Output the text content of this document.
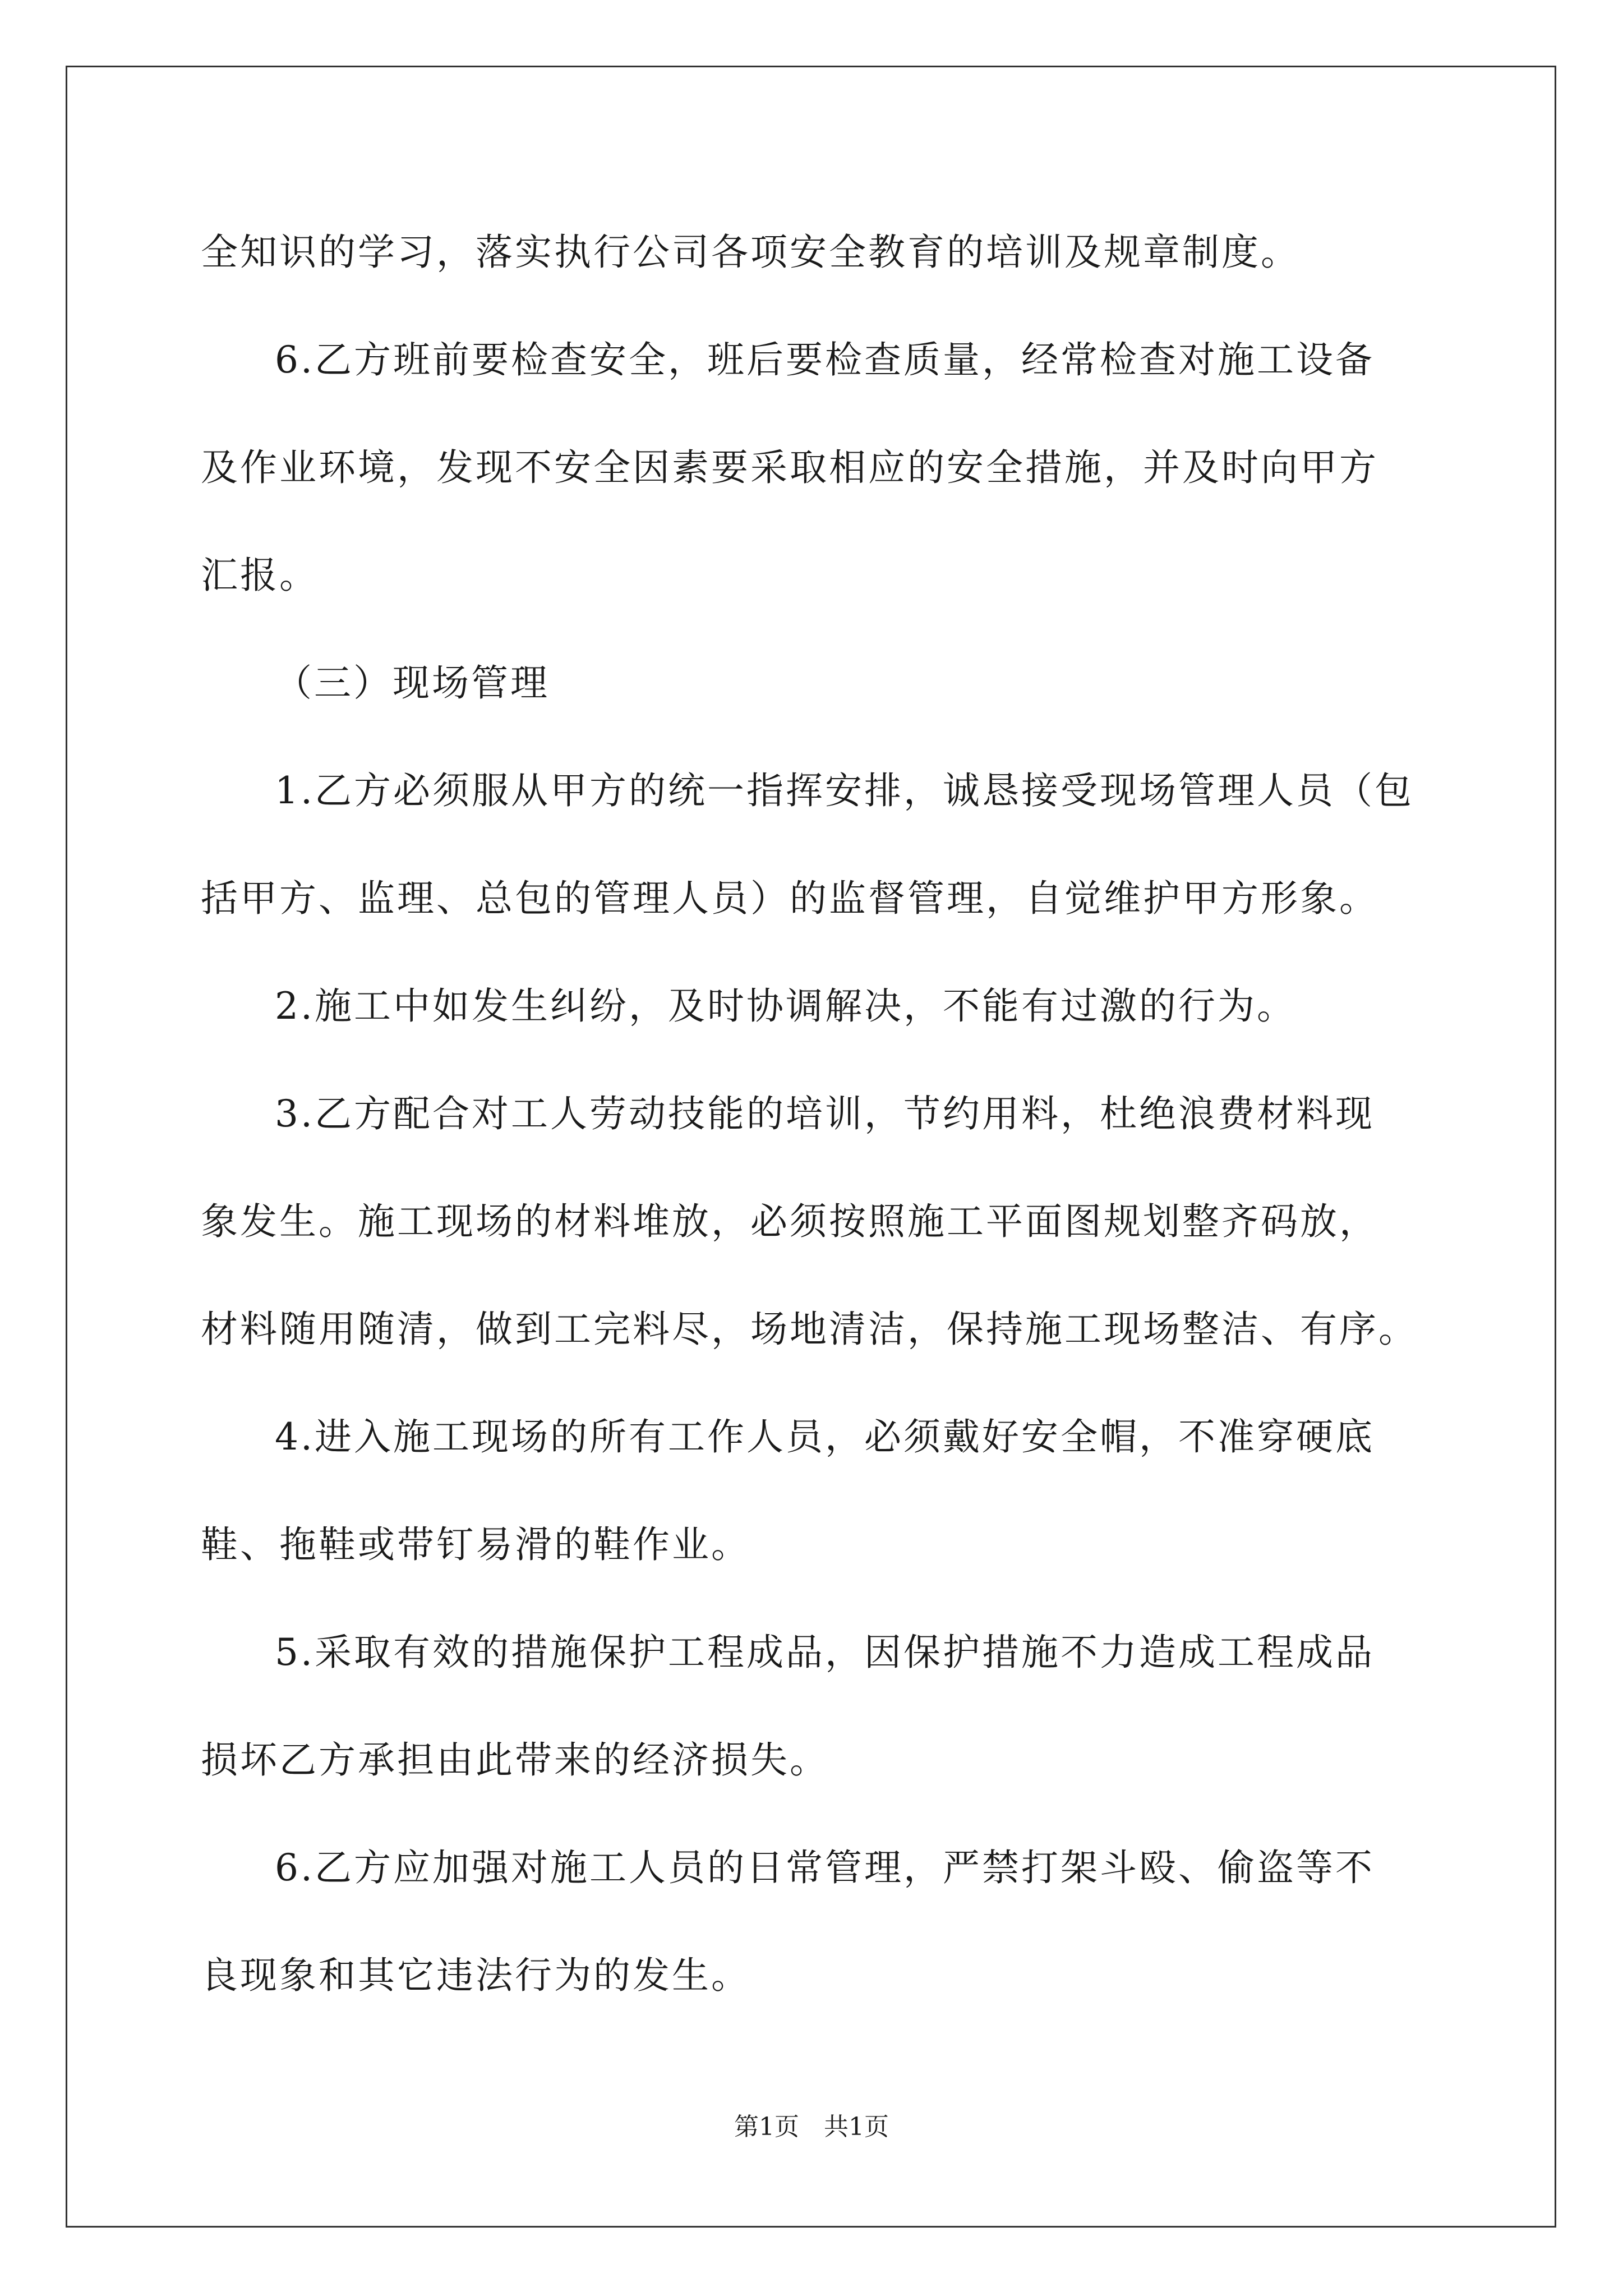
全知识的学习，落实执行公司各项安全教育的培训及规章制度。
6.乙方班前要检查安全，班后要检查质量，经常检查对施工设备
及作业环境，发现不安全因素要采取相应的安全措施，并及时向甲方
汇报。
（三）现场管理
1.乙方必须服从甲方的统一指挥安排，诚恳接受现场管理人员（包
括甲方、监理、总包的管理人员）的监督管理，自觉维护甲方形象。
2.施工中如发生纠纷，及时协调解决，不能有过激的行为。
3.乙方配合对工人劳动技能的培训，节约用料，杜绝浪费材料现
象发生。施工现场的材料堆放，必须按照施工平面图规划整齐码放，
材料随用随清，做到工完料尽，场地清洁，保持施工现场整洁、有序。
4.进入施工现场的所有工作人员，必须戴好安全帽，不准穿硬底
鞋、拖鞋或带钉易滑的鞋作业。
5.采取有效的措施保护工程成品，因保护措施不力造成工程成品
损坏乙方承担由此带来的经济损失。
6.乙方应加强对施工人员的日常管理，严禁打架斗殴、偷盗等不
良现象和其它违法行为的发生。
第1页　共1页
